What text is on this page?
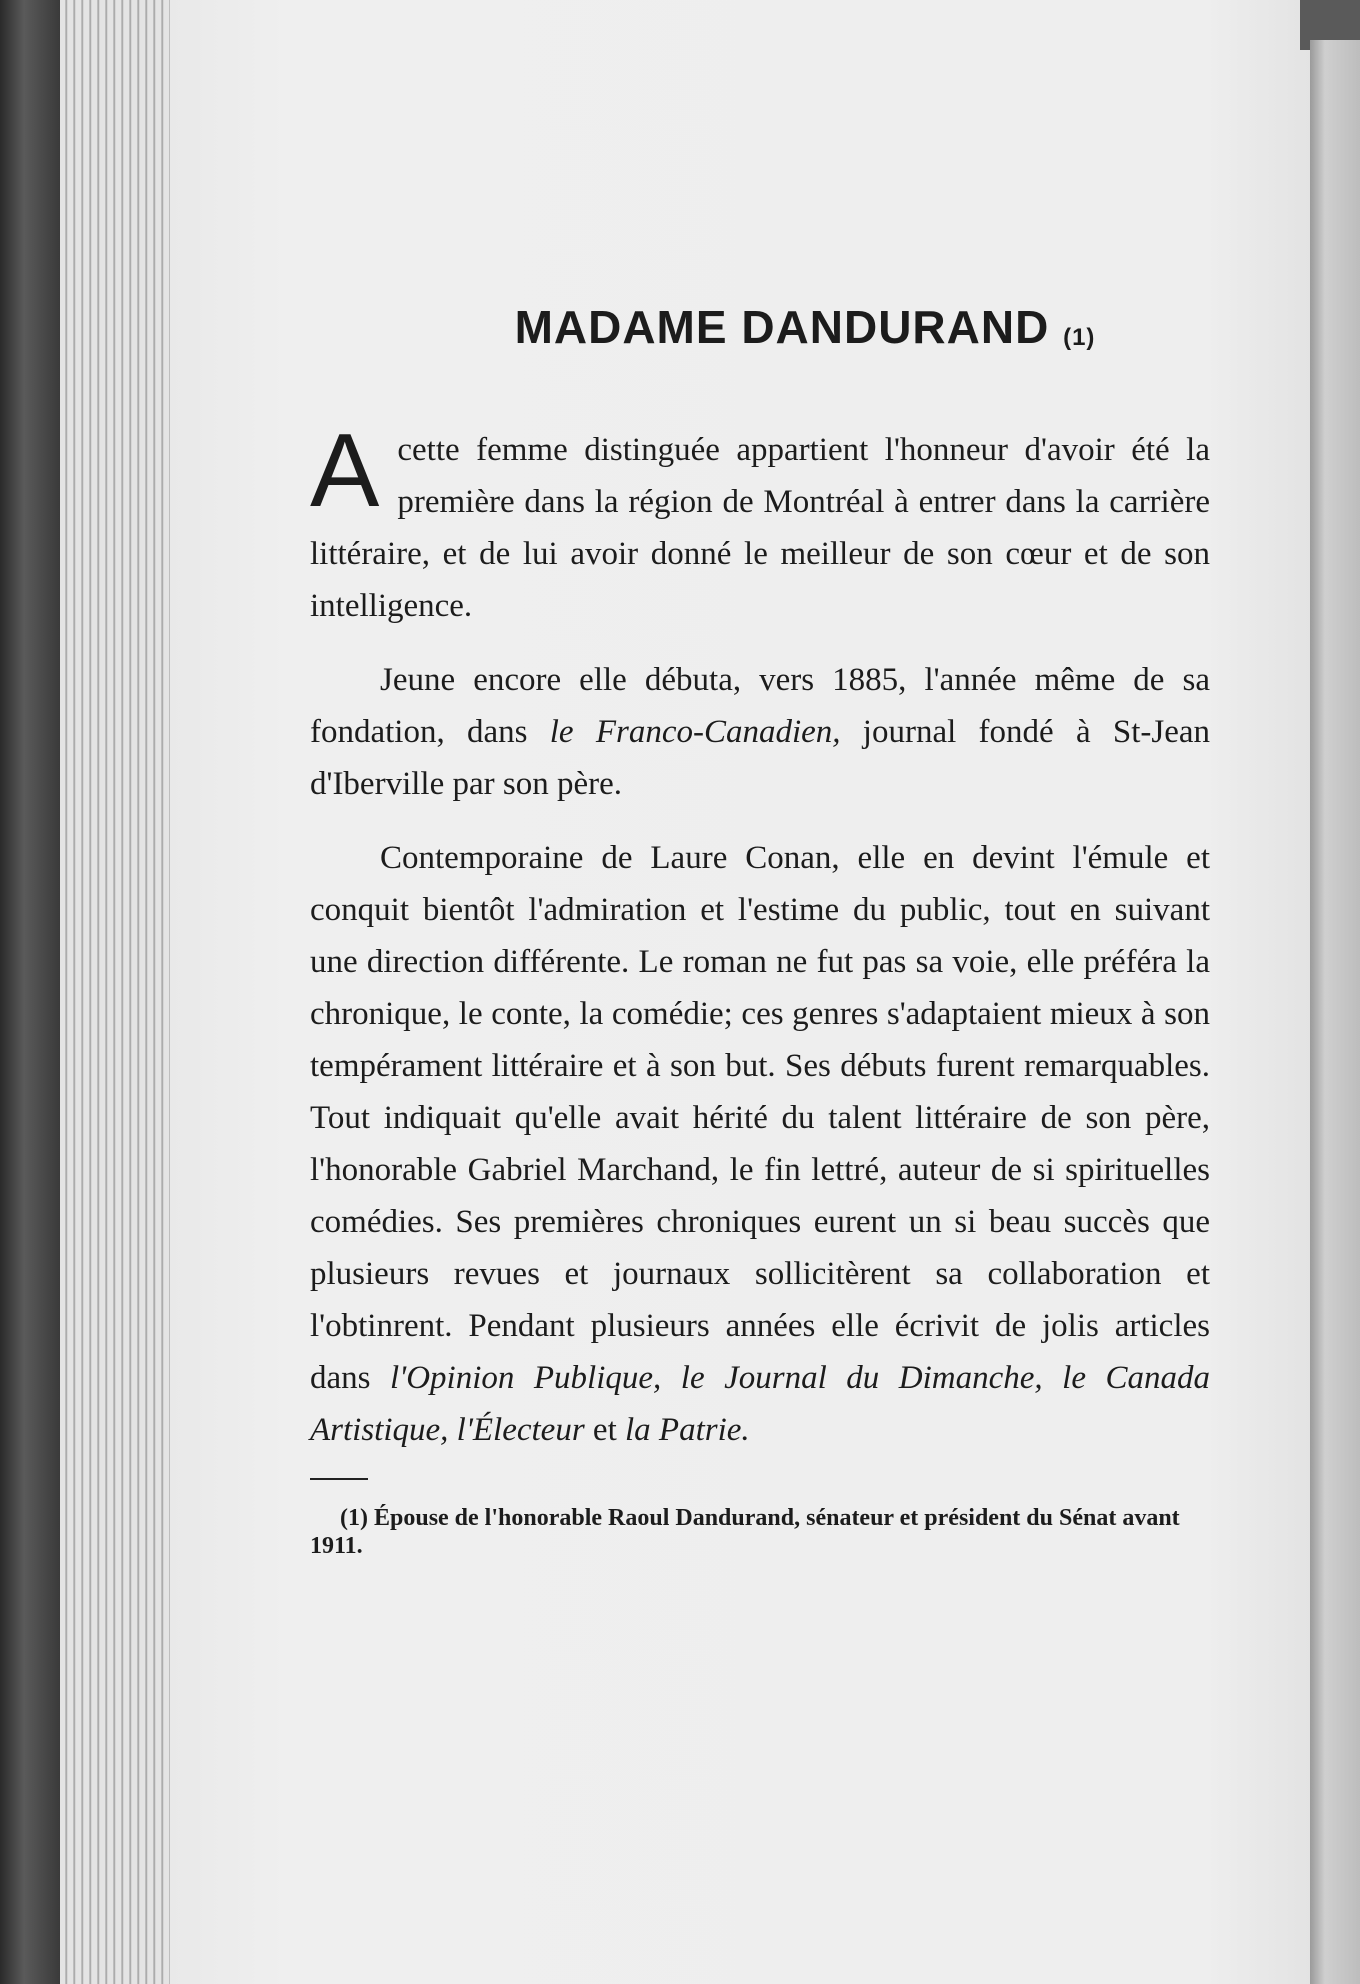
MADAME DANDURAND $^{(1)}$

Acette femme distinguée appartient l'honneur d'avoir été la première dans la région de Montréal à entrer dans la carrière littéraire, et de lui avoir donné le meilleur de son cœur et de son intelligence.

Jeune encore elle débuta, vers 1885, l'année même de sa fondation, dans le Franco-Canadien, journal fondé à St-Jean d'Iberville par son père.

Contemporaine de Laure Conan, elle en devint l'émule et conquit bientôt l'admiration et l'estime du public, tout en suivant une direction différente. Le roman ne fut pas sa voie, elle préféra la chronique, le conte, la comédie; ces genres s'adaptaient mieux à son tempérament littéraire et à son but. Ses débuts furent remarquables. Tout indiquait qu'elle avait hérité du talent littéraire de son père, l'honorable Gabriel Marchand, le fin lettré, auteur de si spirituelles comédies. Ses premières chroniques eurent un si beau succès que plusieurs revues et journaux sollicitèrent sa collaboration et l'obtinrent. Pendant plusieurs années elle écrivit de jolis articles dans l'Opinion Publique, le Journal du Dimanche, le Canada Artistique, l'Électeur et la Patrie.

(1) Épouse de l'honorable Raoul Dandurand, sénateur et président du Sénat avant 1911.
